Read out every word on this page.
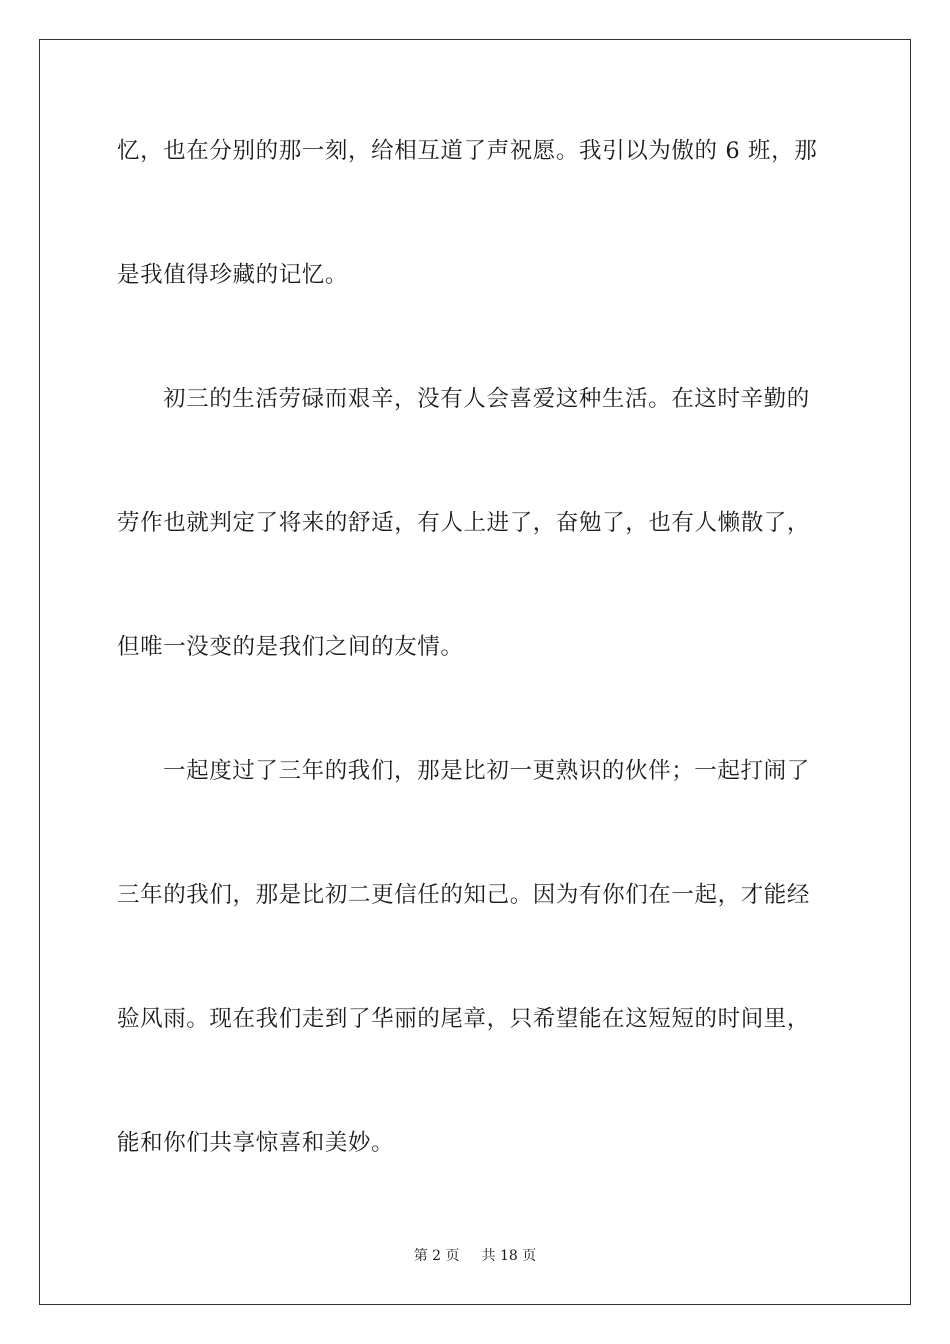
忆，也在分别的那一刻，给相互道了声祝愿。我引以为傲的 6 班，那
是我值得珍藏的记忆。
初三的生活劳碌而艰辛，没有人会喜爱这种生活。在这时辛勤的
劳作也就判定了将来的舒适，有人上进了，奋勉了，也有人懒散了，
但唯一没变的是我们之间的友情。
一起度过了三年的我们，那是比初一更熟识的伙伴；一起打闹了
三年的我们，那是比初二更信任的知己。因为有你们在一起，才能经
验风雨。现在我们走到了华丽的尾章，只希望能在这短短的时间里，
能和你们共享惊喜和美妙。
第 2 页 共 18 页
